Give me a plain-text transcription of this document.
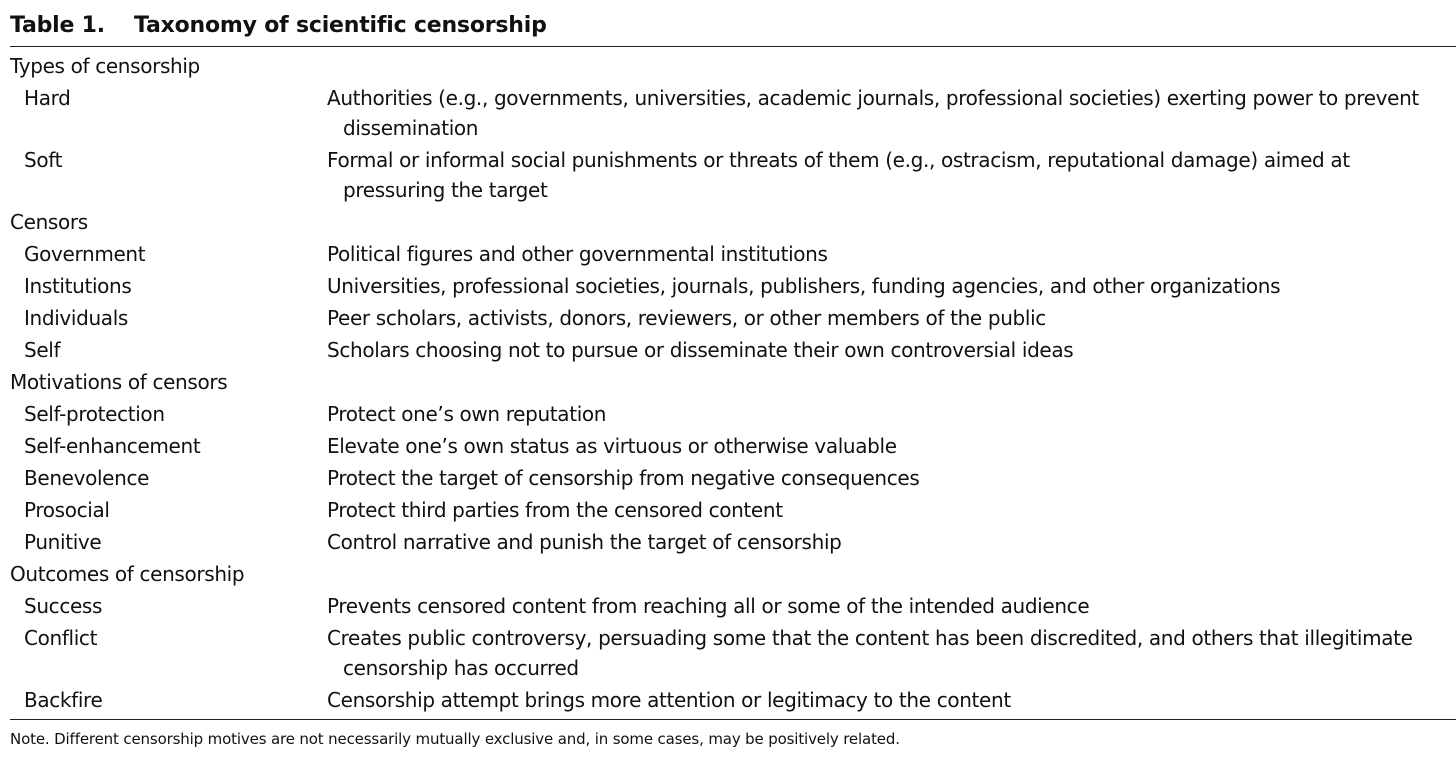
Table 1. Taxonomy of scientific censorship
Types of censorship
Hard	Authorities (e.g., governments, universities, academic journals, professional societies) exerting power to prevent dissemination
Soft	Formal or informal social punishments or threats of them (e.g., ostracism, reputational damage) aimed at pressuring the target
Censors
Government	Political figures and other governmental institutions
Institutions	Universities, professional societies, journals, publishers, funding agencies, and other organizations
Individuals	Peer scholars, activists, donors, reviewers, or other members of the public
Self	Scholars choosing not to pursue or disseminate their own controversial ideas
Motivations of censors
Self-protection	Protect one’s own reputation
Self-enhancement	Elevate one’s own status as virtuous or otherwise valuable
Benevolence	Protect the target of censorship from negative consequences
Prosocial	Protect third parties from the censored content
Punitive	Control narrative and punish the target of censorship
Outcomes of censorship
Success	Prevents censored content from reaching all or some of the intended audience
Conflict	Creates public controversy, persuading some that the content has been discredited, and others that illegitimate censorship has occurred
Backfire	Censorship attempt brings more attention or legitimacy to the content
Note. Different censorship motives are not necessarily mutually exclusive and, in some cases, may be positively related.
